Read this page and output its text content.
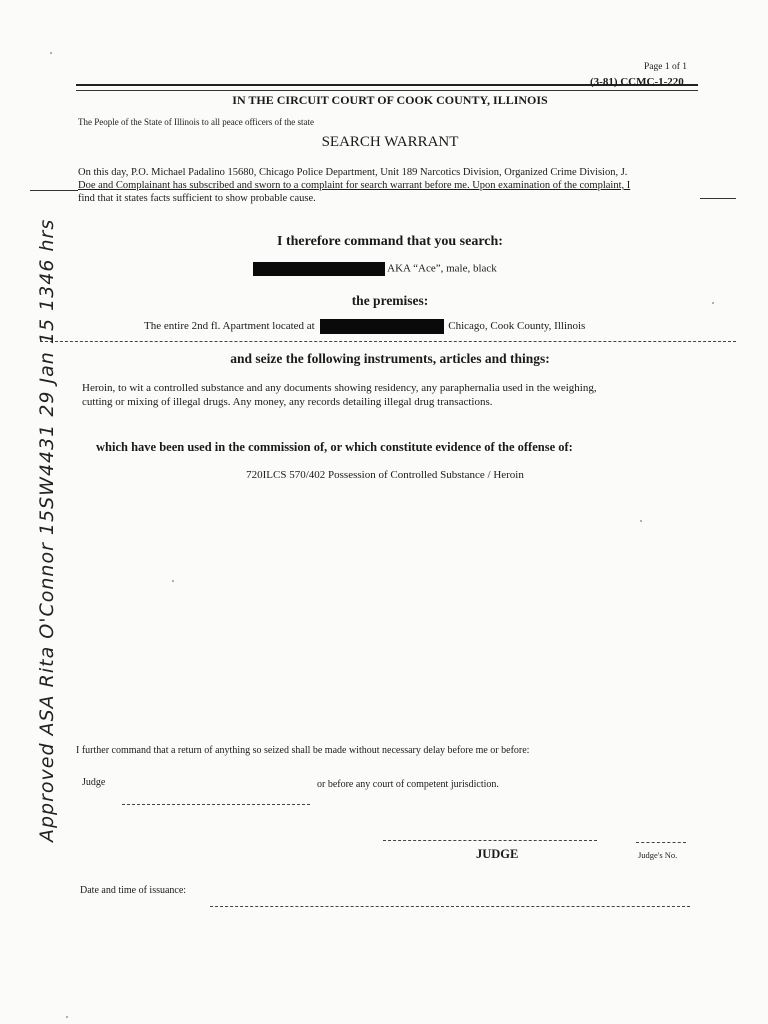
Page 1 of 1
(3-81) CCMC-1-220
IN THE CIRCUIT COURT OF COOK COUNTY, ILLINOIS
The People of the State of Illinois to all peace officers of the state
SEARCH WARRANT
On this day, P.O. Michael Padalino 15680, Chicago Police Department, Unit 189 Narcotics Division, Organized Crime Division, J.
Doe and Complainant has subscribed and sworn to a complaint for search warrant before me. Upon examination of the complaint, I
find that it states facts sufficient to show probable cause.
I therefore command that you search:
AKA “Ace”, male, black
the premises:
The entire 2nd fl. Apartment located at	Chicago, Cook County, Illinois
and seize the following instruments, articles and things:
Heroin, to wit a controlled substance and any documents showing residency, any paraphernalia used in the weighing,
cutting or mixing of illegal drugs. Any money, any records detailing illegal drug transactions.
which have been used in the commission of, or which constitute evidence of the offense of:
720ILCS 570/402 Possession of Controlled Substance / Heroin
I further command that a return of anything so seized shall be made without necessary delay before me or before:
Judge	or before any court of competent jurisdiction.
JUDGE	Judge's No.
Date and time of issuance:
Approved ASA Rita O'Connor 15SW4431 29 Jan 15 1346 hrs
